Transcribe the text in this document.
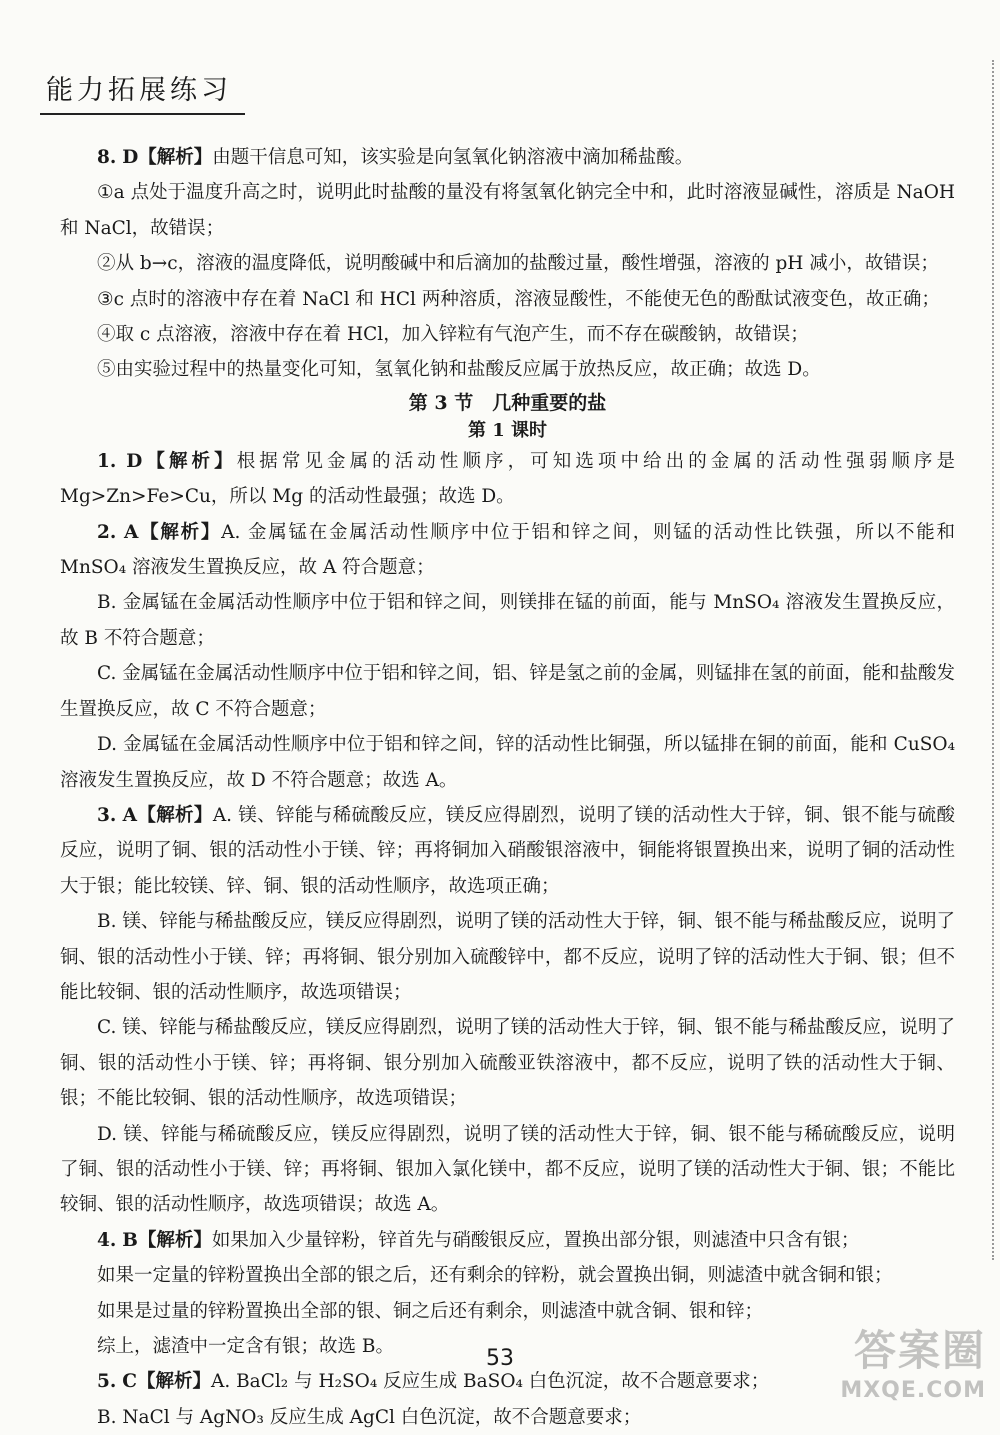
能力拓展练习

8. D【解析】由题干信息可知，该实验是向氢氧化钠溶液中滴加稀盐酸。

①a 点处于温度升高之时，说明此时盐酸的量没有将氢氧化钠完全中和，此时溶液显碱性，溶质是 NaOH 和 NaCl，故错误；

②从 b→c，溶液的温度降低，说明酸碱中和后滴加的盐酸过量，酸性增强，溶液的 pH 减小，故错误；

③c 点时的溶液中存在着 NaCl 和 HCl 两种溶质，溶液显酸性，不能使无色的酚酞试液变色，故正确；

④取 c 点溶液，溶液中存在着 HCl，加入锌粒有气泡产生，而不存在碳酸钠，故错误；

⑤由实验过程中的热量变化可知，氢氧化钠和盐酸反应属于放热反应，故正确；故选 D。

第 3 节　几种重要的盐

第 1 课时

1. D【解析】根据常见金属的活动性顺序，可知选项中给出的金属的活动性强弱顺序是 Mg>Zn>Fe>Cu，所以 Mg 的活动性最强；故选 D。

2. A【解析】A. 金属锰在金属活动性顺序中位于铝和锌之间，则锰的活动性比铁强，所以不能和 MnSO₄ 溶液发生置换反应，故 A 符合题意；

B. 金属锰在金属活动性顺序中位于铝和锌之间，则镁排在锰的前面，能与 MnSO₄ 溶液发生置换反应，故 B 不符合题意；

C. 金属锰在金属活动性顺序中位于铝和锌之间，铝、锌是氢之前的金属，则锰排在氢的前面，能和盐酸发生置换反应，故 C 不符合题意；

D. 金属锰在金属活动性顺序中位于铝和锌之间，锌的活动性比铜强，所以锰排在铜的前面，能和 CuSO₄ 溶液发生置换反应，故 D 不符合题意；故选 A。

3. A【解析】A. 镁、锌能与稀硫酸反应，镁反应得剧烈，说明了镁的活动性大于锌，铜、银不能与硫酸反应，说明了铜、银的活动性小于镁、锌；再将铜加入硝酸银溶液中，铜能将银置换出来，说明了铜的活动性大于银；能比较镁、锌、铜、银的活动性顺序，故选项正确；

B. 镁、锌能与稀盐酸反应，镁反应得剧烈，说明了镁的活动性大于锌，铜、银不能与稀盐酸反应，说明了铜、银的活动性小于镁、锌；再将铜、银分别加入硫酸锌中，都不反应，说明了锌的活动性大于铜、银；但不能比较铜、银的活动性顺序，故选项错误；

C. 镁、锌能与稀盐酸反应，镁反应得剧烈，说明了镁的活动性大于锌，铜、银不能与稀盐酸反应，说明了铜、银的活动性小于镁、锌；再将铜、银分别加入硫酸亚铁溶液中，都不反应，说明了铁的活动性大于铜、银；不能比较铜、银的活动性顺序，故选项错误；

D. 镁、锌能与稀硫酸反应，镁反应得剧烈，说明了镁的活动性大于锌，铜、银不能与稀硫酸反应，说明了铜、银的活动性小于镁、锌；再将铜、银加入氯化镁中，都不反应，说明了镁的活动性大于铜、银；不能比较铜、银的活动性顺序，故选项错误；故选 A。

4. B【解析】如果加入少量锌粉，锌首先与硝酸银反应，置换出部分银，则滤渣中只含有银；

如果一定量的锌粉置换出全部的银之后，还有剩余的锌粉，就会置换出铜，则滤渣中就含铜和银；

如果是过量的锌粉置换出全部的银、铜之后还有剩余，则滤渣中就含铜、银和锌；

综上，滤渣中一定含有银；故选 B。

5. C【解析】A. BaCl₂ 与 H₂SO₄ 反应生成 BaSO₄ 白色沉淀，故不合题意要求；

B. NaCl 与 AgNO₃ 反应生成 AgCl 白色沉淀，故不合题意要求；

53	答案圈
MXQE.COM
